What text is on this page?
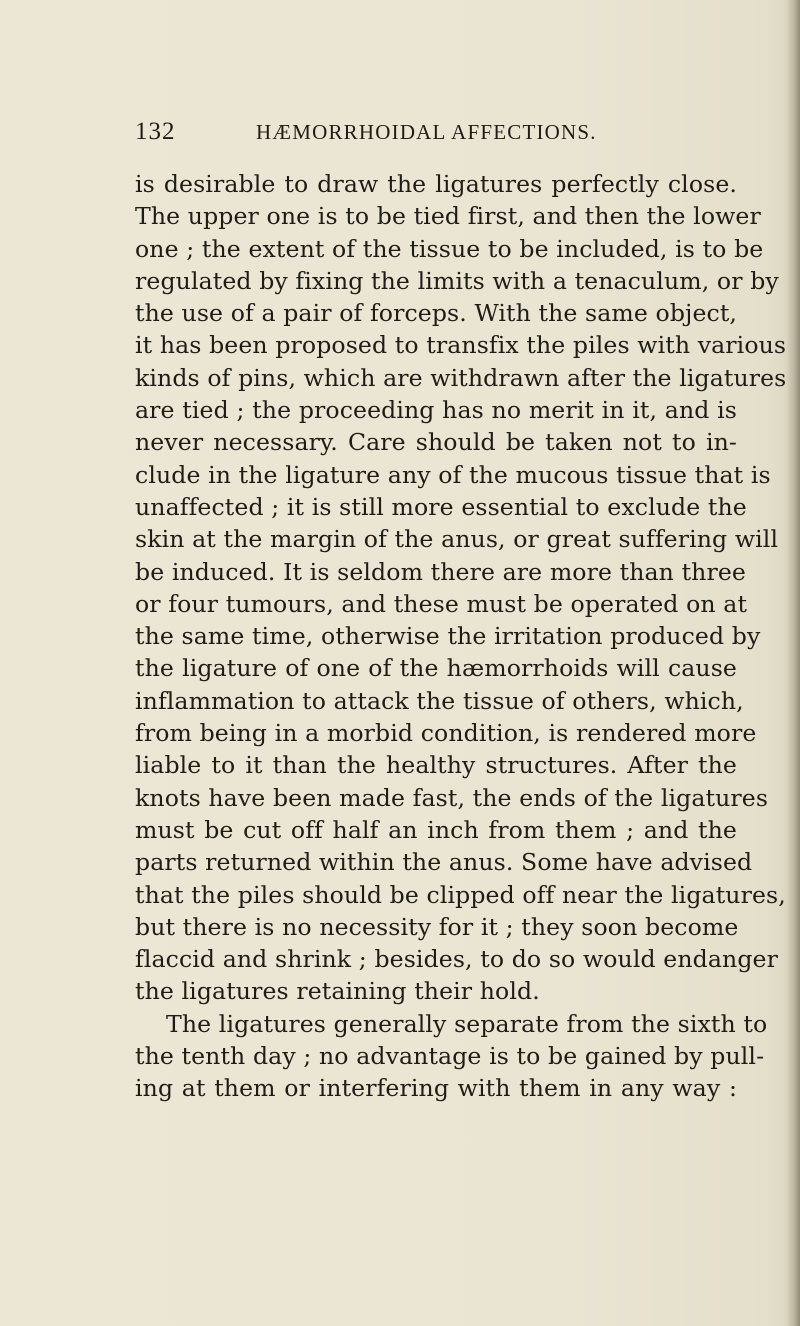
132	HÆMORRHOIDAL AFFECTIONS.
is desirable to draw the ligatures perfectly close.
The upper one is to be tied first, and then the lower
one ; the extent of the tissue to be included, is to be
regulated by fixing the limits with a tenaculum, or by
the use of a pair of forceps. With the same object,
it has been proposed to transfix the piles with various
kinds of pins, which are withdrawn after the ligatures
are tied ; the proceeding has no merit in it, and is
never necessary. Care should be taken not to in-
clude in the ligature any of the mucous tissue that is
unaffected ; it is still more essential to exclude the
skin at the margin of the anus, or great suffering will
be induced. It is seldom there are more than three
or four tumours, and these must be operated on at
the same time, otherwise the irritation produced by
the ligature of one of the hæmorrhoids will cause
inflammation to attack the tissue of others, which,
from being in a morbid condition, is rendered more
liable to it than the healthy structures. After the
knots have been made fast, the ends of the ligatures
must be cut off half an inch from them ; and the
parts returned within the anus. Some have advised
that the piles should be clipped off near the ligatures,
but there is no necessity for it ; they soon become
flaccid and shrink ; besides, to do so would endanger
the ligatures retaining their hold.
The ligatures generally separate from the sixth to
the tenth day ; no advantage is to be gained by pull-
ing at them or interfering with them in any way :
